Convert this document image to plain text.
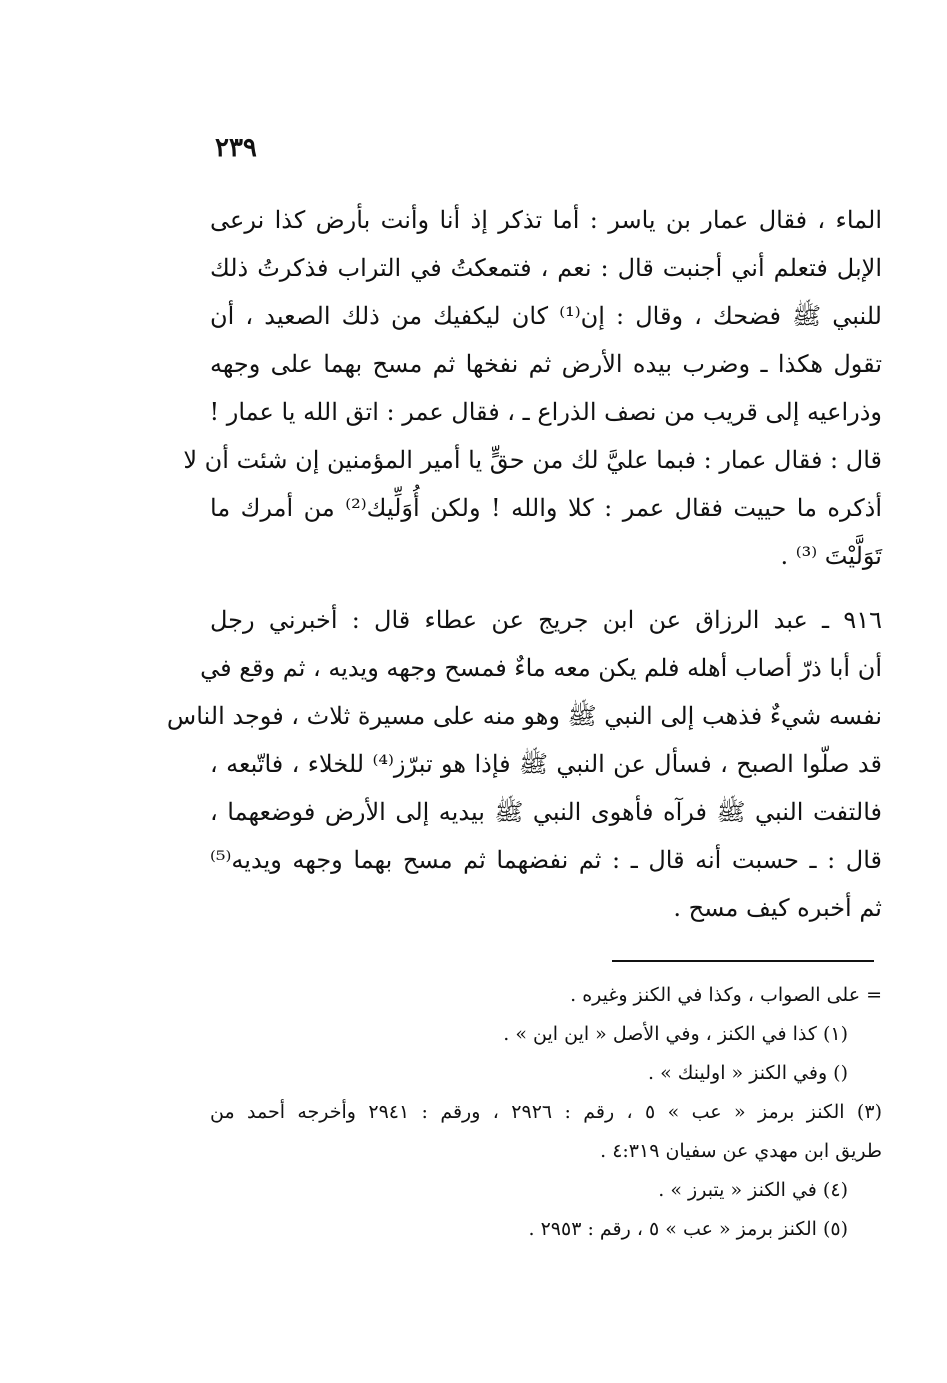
٢٣٩
الماء ، فقال عمار بن ياسر : أما تذكر إذ أنا وأنت بأرض كذا نرعى
الإبل فتعلم أني أجنبت قال : نعم ، فتمعكتُ في التراب فذكرتُ ذلك
للنبي ﷺ فضحك ، وقال : إن⁽¹⁾ كان ليكفيك من ذلك الصعيد ، أن
تقول هكذا ـ وضرب بيده الأرض ثم نفخها ثم مسح بهما على وجهه
وذراعيه إلى قريب من نصف الذراع ـ ، فقال عمر : اتق الله يا عمار !
قال : فقال عمار : فبما عليَّ لك من حقٍّ يا أمير المؤمنين إن شئت أن لا
أذكره ما حييت فقال عمر : كلا والله ! ولكن أُوَلِّيك⁽²⁾ من أمرك ما
تَوَلَّيْتَ ⁽³⁾ .
٩١٦ ـ عبد الرزاق عن ابن جريج عن عطاء قال : أخبرني رجل
أن أبا ذرّ أصاب أهله فلم يكن معه ماءٌ فمسح وجهه ويديه ، ثم وقع في
نفسه شيءٌ فذهب إلى النبي ﷺ وهو منه على مسيرة ثلاث ، فوجد الناس
قد صلّوا الصبح ، فسأل عن النبي ﷺ فإذا هو تبرّز⁽⁴⁾ للخلاء ، فاتّبعه ،
فالتفت النبي ﷺ فرآه فأهوى النبي ﷺ بيديه إلى الأرض فوضعهما ،
قال : ـ حسبت أنه قال ـ : ثم نفضهما ثم مسح بهما وجهه ويديه⁽⁵⁾
ثم أخبره كيف مسح .
= على الصواب ، وكذا في الكنز وغيره .
(١) كذا في الكنز ، وفي الأصل « اين اين » .
() وفي الكنز « اولينك » .
(٣) الكنز برمز « عب » ٥ ، رقم : ٢٩٢٦ ، ورقم : ٢٩٤١ وأخرجه أحمد من
طريق ابن مهدي عن سفيان ٤:٣١٩ .
(٤) في الكنز « يتبرز » .
(٥) الكنز برمز « عب » ٥ ، رقم : ٢٩٥٣ .
